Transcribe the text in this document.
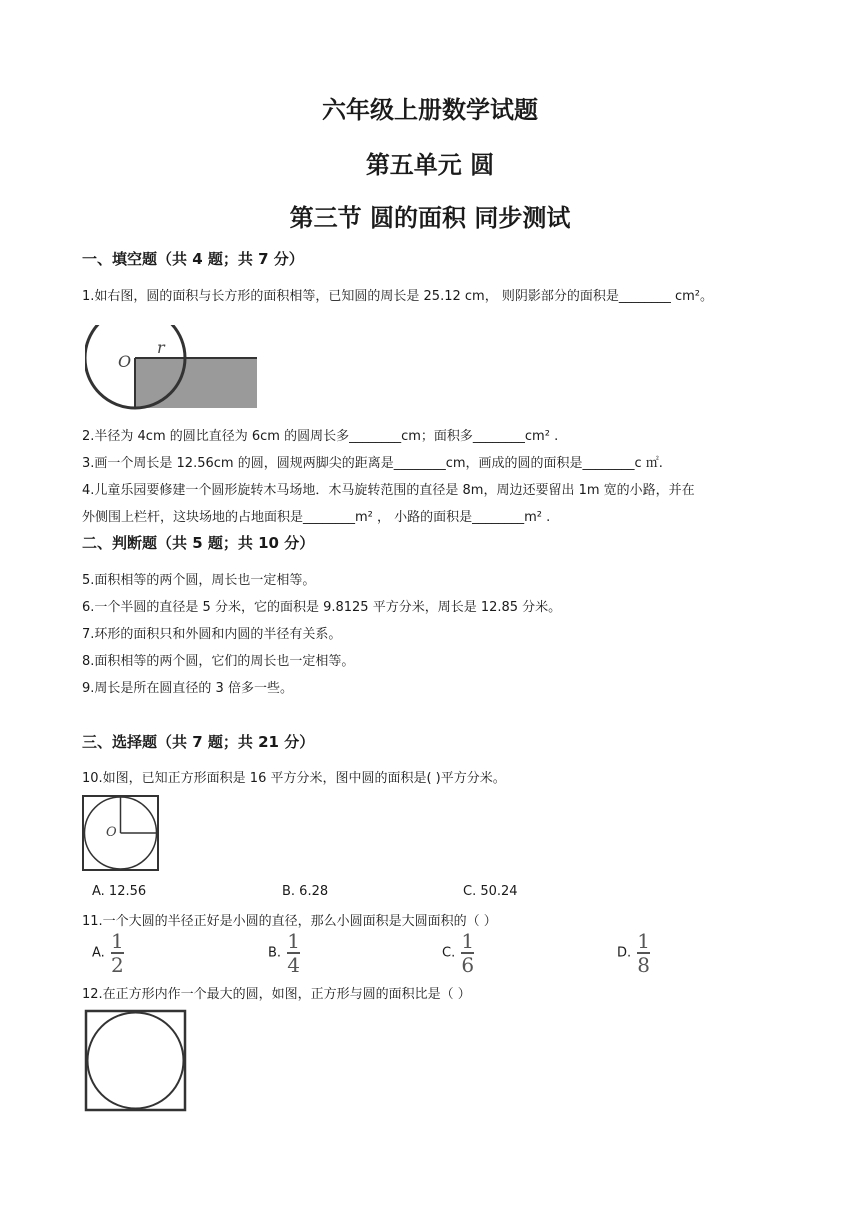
六年级上册数学试题
第五单元 圆
第三节 圆的面积 同步测试
一、填空题（共 4 题；共 7 分）
1.如右图，圆的面积与长方形的面积相等，已知圆的周长是 25.12 cm， 则阴影部分的面积是________ cm²。
O
r
2.半径为 4cm 的圆比直径为 6cm 的圆周长多________cm；面积多________cm² .
3.画一个周长是 12.56cm 的圆，圆规两脚尖的距离是________cm，画成的圆的面积是________c ㎡.
4.儿童乐园要修建一个圆形旋转木马场地．木马旋转范围的直径是 8m，周边还要留出 1m 宽的小路，并在
外侧围上栏杆，这块场地的占地面积是________m² ， 小路的面积是________m² .
二、判断题（共 5 题；共 10 分）
5.面积相等的两个圆，周长也一定相等。
6.一个半圆的直径是 5 分米，它的面积是 9.8125 平方分米，周长是 12.85 分米。
7.环形的面积只和外圆和内圆的半径有关系。
8.面积相等的两个圆，它们的周长也一定相等。
9.周长是所在圆直径的 3 倍多一些。
三、选择题（共 7 题；共 21 分）
10.如图，已知正方形面积是 16 平方分米，图中圆的面积是( )平方分米。
O
A. 12.56	B. 6.28	C. 50.24
11.一个大圆的半径正好是小圆的直径，那么小圆面积是大圆面积的（ ）
A. $\frac{1}{2}$	B. $\frac{1}{4}$	C. $\frac{1}{6}$	D. $\frac{1}{8}$
12.在正方形内作一个最大的圆，如图，正方形与圆的面积比是（ ）
